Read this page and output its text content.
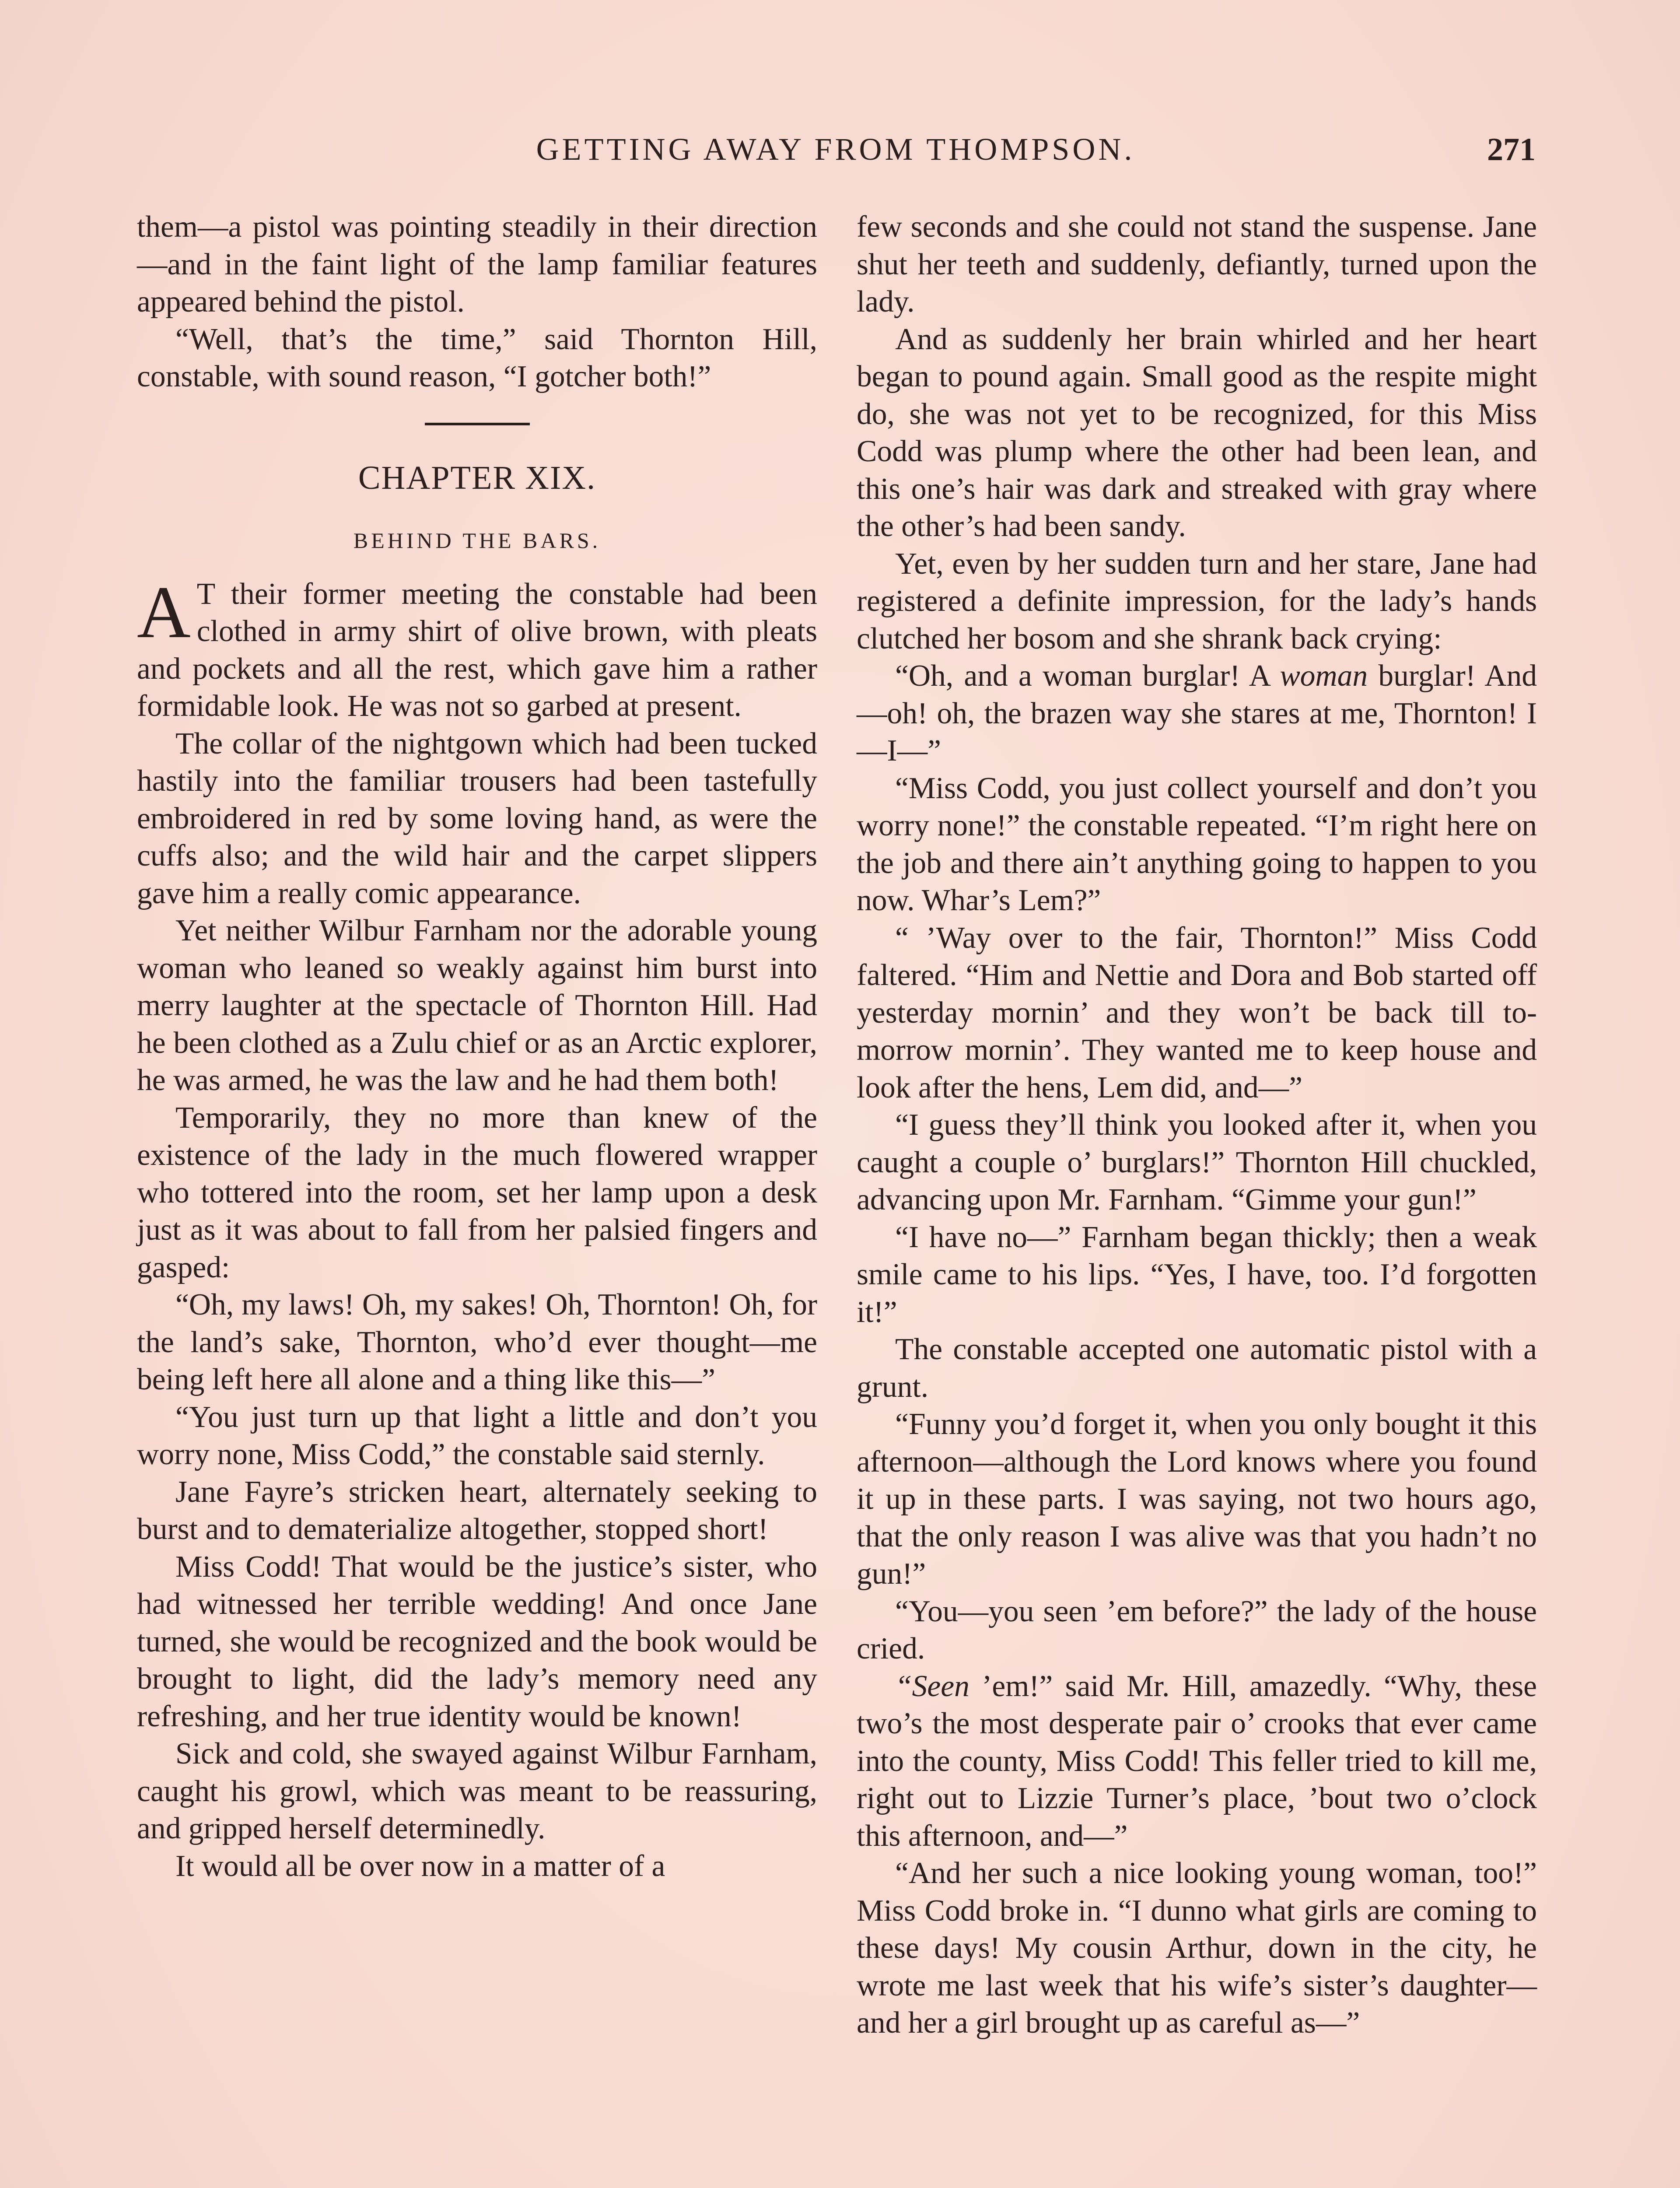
GETTING AWAY FROM THOMPSON.	271

them—a pistol was pointing steadily in their direction—and in the faint light of the lamp familiar features appeared behind the pistol.

“Well, that’s the time,” said Thornton Hill, constable, with sound reason, “I gotcher both!”

CHAPTER XIX.
BEHIND THE BARS.

A T their former meeting the constable had been clothed in army shirt of olive brown, with pleats and pockets and all the rest, which gave him a rather formidable look. He was not so garbed at present.

The collar of the nightgown which had been tucked hastily into the familiar trousers had been tastefully embroidered in red by some loving hand, as were the cuffs also; and the wild hair and the carpet slippers gave him a really comic appearance.

Yet neither Wilbur Farnham nor the adorable young woman who leaned so weakly against him burst into merry laughter at the spectacle of Thornton Hill. Had he been clothed as a Zulu chief or as an Arctic explorer, he was armed, he was the law and he had them both!

Temporarily, they no more than knew of the existence of the lady in the much flowered wrapper who tottered into the room, set her lamp upon a desk just as it was about to fall from her palsied fingers and gasped:

“Oh, my laws! Oh, my sakes! Oh, Thornton! Oh, for the land’s sake, Thornton, who’d ever thought—me being left here all alone and a thing like this—”

“You just turn up that light a little and don’t you worry none, Miss Codd,” the constable said sternly.

Jane Fayre’s stricken heart, alternately seeking to burst and to dematerialize altogether, stopped short!

Miss Codd! That would be the justice’s sister, who had witnessed her terrible wedding! And once Jane turned, she would be recognized and the book would be brought to light, did the lady’s memory need any refreshing, and her true identity would be known!

Sick and cold, she swayed against Wilbur Farnham, caught his growl, which was meant to be reassuring, and gripped herself determinedly.

It would all be over now in a matter of a

few seconds and she could not stand the suspense. Jane shut her teeth and suddenly, defiantly, turned upon the lady.

And as suddenly her brain whirled and her heart began to pound again. Small good as the respite might do, she was not yet to be recognized, for this Miss Codd was plump where the other had been lean, and this one’s hair was dark and streaked with gray where the other’s had been sandy.

Yet, even by her sudden turn and her stare, Jane had registered a definite impression, for the lady’s hands clutched her bosom and she shrank back crying:

“Oh, and a woman burglar! A woman burglar! And—oh! oh, the brazen way she stares at me, Thornton! I—I—”

“Miss Codd, you just collect yourself and don’t you worry none!” the constable repeated. “I’m right here on the job and there ain’t anything going to happen to you now. Whar’s Lem?”

“ ’Way over to the fair, Thornton!” Miss Codd faltered. “Him and Nettie and Dora and Bob started off yesterday mornin’ and they won’t be back till to-morrow mornin’. They wanted me to keep house and look after the hens, Lem did, and—”

“I guess they’ll think you looked after it, when you caught a couple o’ burglars!” Thornton Hill chuckled, advancing upon Mr. Farnham. “Gimme your gun!”

“I have no—” Farnham began thickly; then a weak smile came to his lips. “Yes, I have, too. I’d forgotten it!”

The constable accepted one automatic pistol with a grunt.

“Funny you’d forget it, when you only bought it this afternoon—although the Lord knows where you found it up in these parts. I was saying, not two hours ago, that the only reason I was alive was that you hadn’t no gun!”

“You—you seen ’em before?” the lady of the house cried.

“Seen ’em!” said Mr. Hill, amazedly. “Why, these two’s the most desperate pair o’ crooks that ever came into the county, Miss Codd! This feller tried to kill me, right out to Lizzie Turner’s place, ’bout two o’clock this afternoon, and—”

“And her such a nice looking young woman, too!” Miss Codd broke in. “I dunno what girls are coming to these days! My cousin Arthur, down in the city, he wrote me last week that his wife’s sister’s daughter—and her a girl brought up as careful as—”
